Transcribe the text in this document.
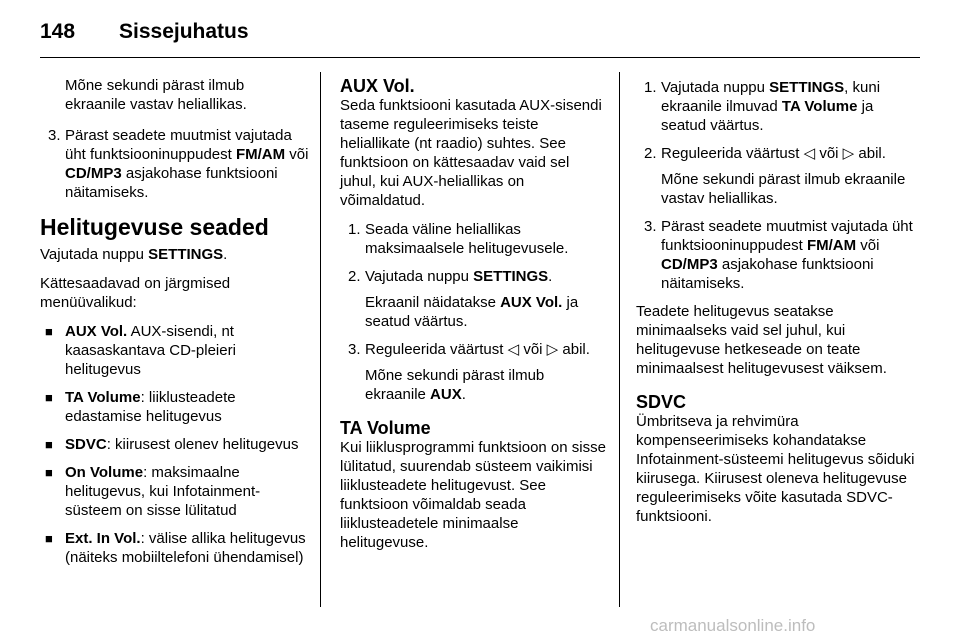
148 Sissejuhatus
Mõne sekundi pärast ilmub
ekraanile vastav heliallikas.
3. Pärast seadete muutmist vajutada üht funktsiooninuppudest FM/AM või CD/MP3 asjakohase funktsiooni näitamiseks.
Helitugevuse seaded

Vajutada nuppu SETTINGS.

Kättesaadavad on järgmised menüüvalikud:

■ AUX Vol. AUX-sisendi, nt kaasaskantava CD-pleieri helitugevus
■ TA Volume: liiklusteadete edastamise helitugevus
■ SDVC: kiirusest olenev helitugevus
■ On Volume: maksimaalne helitugevus, kui Infotainment-süsteem on sisse lülitatud
■ Ext. In Vol.: välise allika helitugevus (näiteks mobiiltelefoni ühendamisel)
AUX Vol.

Seda funktsiooni kasutada AUX-sisendi taseme reguleerimiseks teiste heliallikate (nt raadio) suhtes. See funktsioon on kättesaadav vaid sel juhul, kui AUX-heliallikas on võimaldatud.

1. Seada väline heliallikas maksimaalsele helitugevusele.
2. Vajutada nuppu SETTINGS.

Ekraanil näidatakse AUX Vol. ja seatud väärtus.

3. Reguleerida väärtust ◁ või ▷ abil.

Mõne sekundi pärast ilmub ekraanile AUX.

TA Volume

Kui liiklusprogrammi funktsioon on sisse lülitatud, suurendab süsteem vaikimisi liiklusteadete helitugevust. See funktsioon võimaldab seada liiklusteadetele minimaalse helitugevuse.

1. Vajutada nuppu SETTINGS, kuni ekraanile ilmuvad TA Volume ja seatud väärtus.
2. Reguleerida väärtust ◁ või ▷ abil.

Mõne sekundi pärast ilmub ekraanile vastav heliallikas.

3. Pärast seadete muutmist vajutada üht funktsiooninuppudest FM/AM või CD/MP3 asjakohase funktsiooni näitamiseks.

Teadete helitugevus seatakse minimaalseks vaid sel juhul, kui helitugevuse hetkeseade on teate minimaalsest helitugevusest väiksem.

SDVC

Ümbritseva ja rehvimüra kompenseerimiseks kohandatakse Infotainment-süsteemi helitugevus sõiduki kiirusega. Kiirusest oleneva helitugevuse reguleerimiseks võite kasutada SDVC-funktsiooni.

carmanualsonline.info
